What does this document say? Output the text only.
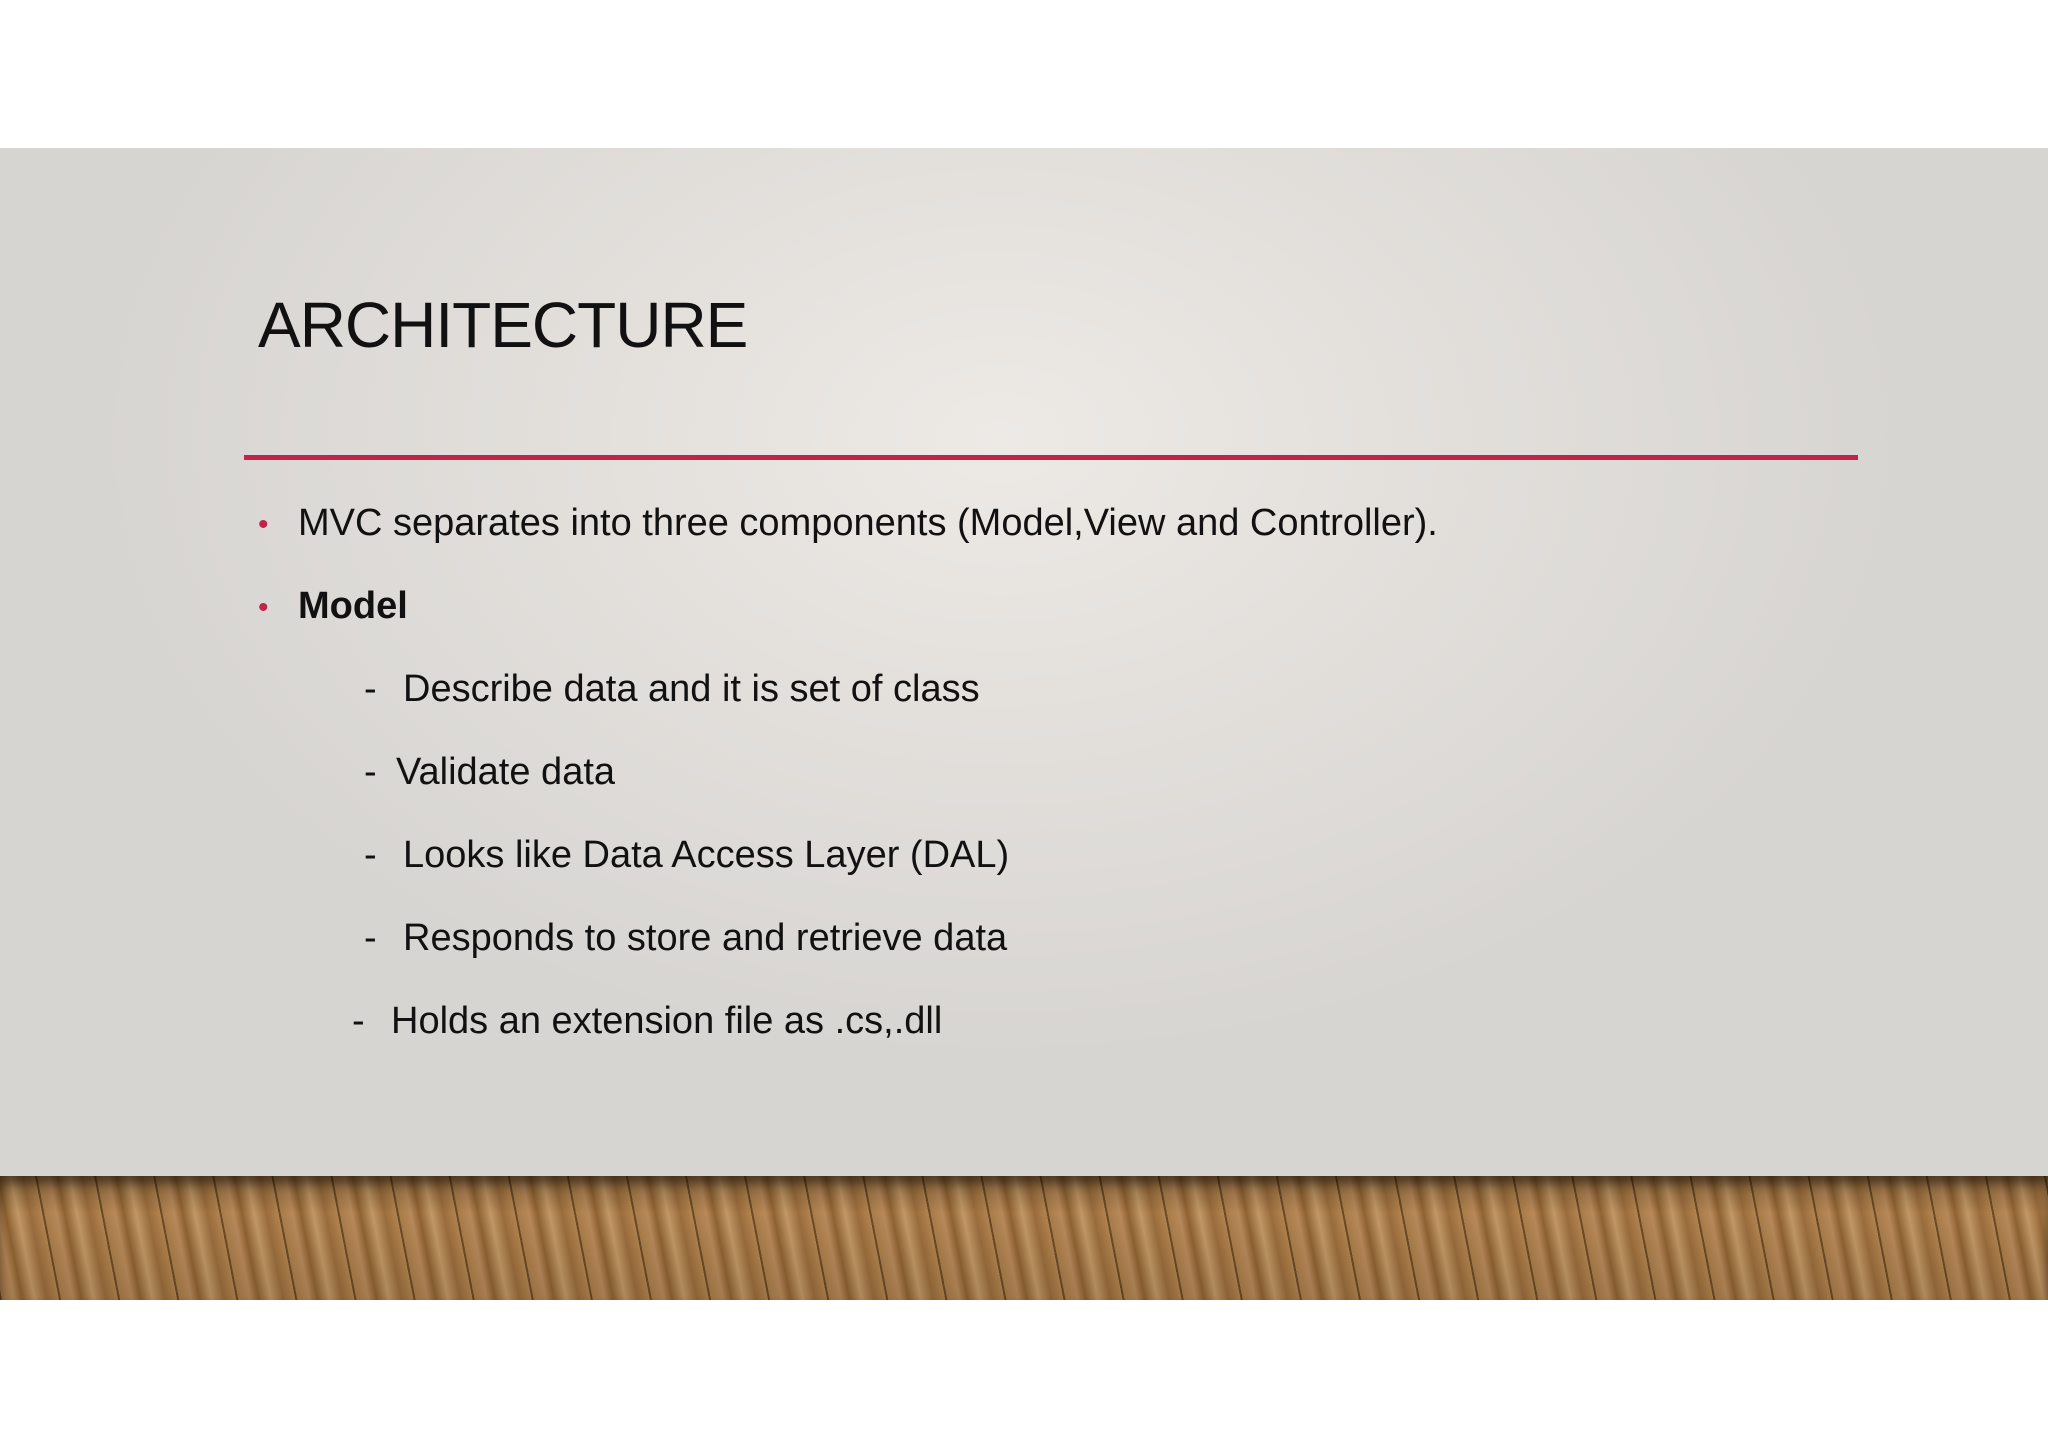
ARCHITECTURE
• MVC separates into three components (Model,View and Controller).
• Model
- Describe data and it is set of class
- Validate data
- Looks like Data Access Layer (DAL)
- Responds to store and retrieve data
- Holds an extension file as .cs,.dll
